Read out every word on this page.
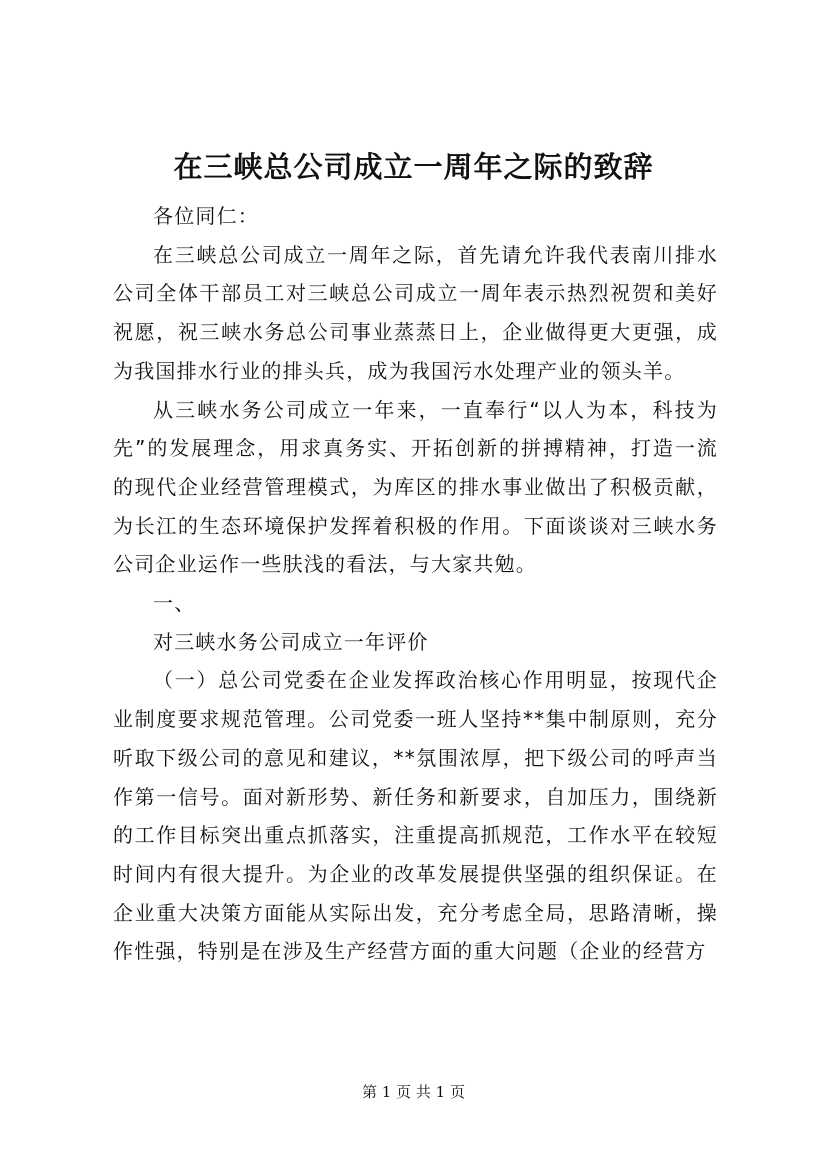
在三峡总公司成立一周年之际的致辞

各位同仁：

在三峡总公司成立一周年之际，首先请允许我代表南川排水公司全体干部员工对三峡总公司成立一周年表示热烈祝贺和美好祝愿，祝三峡水务总公司事业蒸蒸日上，企业做得更大更强，成为我国排水行业的排头兵，成为我国污水处理产业的领头羊。

从三峡水务公司成立一年来，一直奉行“以人为本，科技为先”的发展理念，用求真务实、开拓创新的拼搏精神，打造一流的现代企业经营管理模式，为库区的排水事业做出了积极贡献，为长江的生态环境保护发挥着积极的作用。下面谈谈对三峡水务公司企业运作一些肤浅的看法，与大家共勉。

一、

对三峡水务公司成立一年评价

（一）总公司党委在企业发挥政治核心作用明显，按现代企业制度要求规范管理。公司党委一班人坚持**集中制原则，充分听取下级公司的意见和建议，**氛围浓厚，把下级公司的呼声当作第一信号。面对新形势、新任务和新要求，自加压力，围绕新的工作目标突出重点抓落实，注重提高抓规范，工作水平在较短时间内有很大提升。为企业的改革发展提供坚强的组织保证。在企业重大决策方面能从实际出发，充分考虑全局，思路清晰，操作性强，特别是在涉及生产经营方面的重大问题（企业的经营方

第 1 页 共 1 页
